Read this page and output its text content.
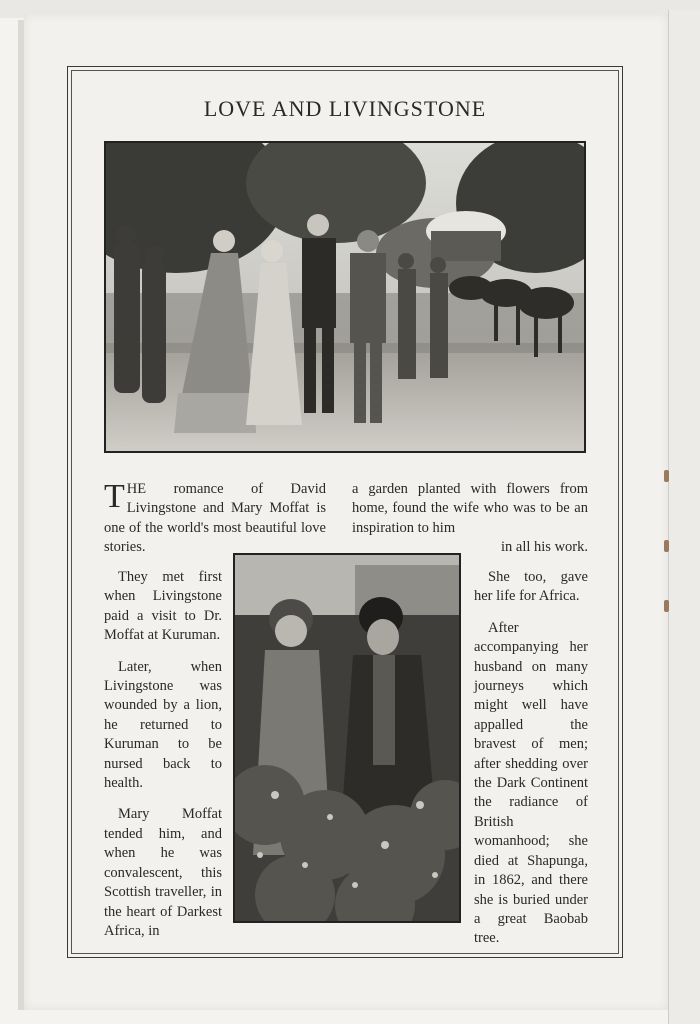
LOVE AND LIVINGSTONE

THE romance of David Livingstone and Mary Moffat is one of the world's most beautiful love stories.

a garden planted with flowers from home, found the wife who was to be an inspiration to him

in all his work.

They met first when Livingstone paid a visit to Dr. Moffat at Kuruman.

Later, when Livingstone was wounded by a lion, he returned to Kuruman to be nursed back to health.

Mary Moffat tended him, and when he was convalescent, this Scottish traveller, in the heart of Darkest Africa, in

She too, gave her life for Africa.

After accompanying her husband on many journeys which might well have appalled the bravest of men; after shedding over the Dark Continent the radiance of British womanhood; she died at Shapunga, in 1862, and there she is buried under a great Baobab tree.
